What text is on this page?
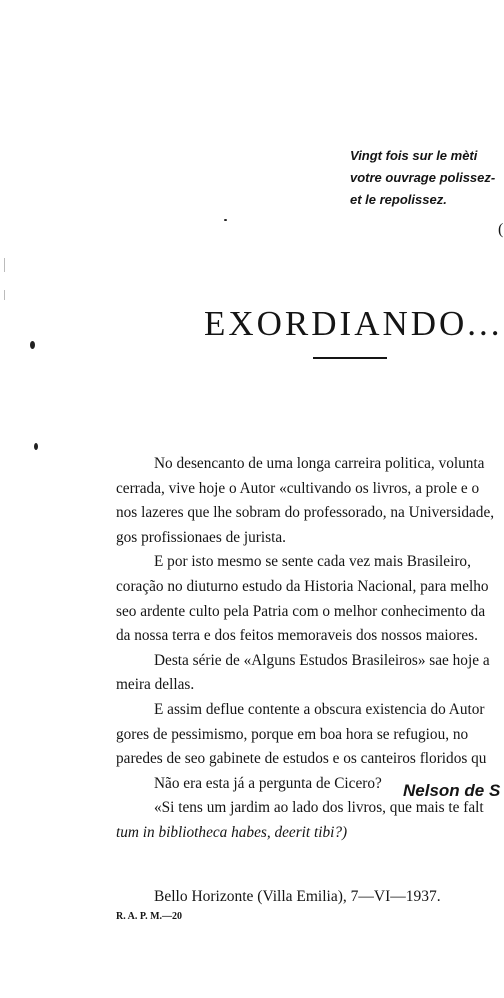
Vingt fois sur le mèti
votre ouvrage polissez-
et le repolissez.
(
EXORDIANDO...

No desencanto de uma longa carreira politica, volunta
cerrada, vive hoje o Autor «cultivando os livros, a prole e o
nos lazeres que lhe sobram do professorado, na Universidade,
gos profissionaes de jurista.

E por isto mesmo se sente cada vez mais Brasileiro,
coração no diuturno estudo da Historia Nacional, para melho
seo ardente culto pela Patria com o melhor conhecimento da
da nossa terra e dos feitos memoraveis dos nossos maiores.

Desta série de «Alguns Estudos Brasileiros» sae hoje a
meira dellas.

E assim deflue contente a obscura existencia do Autor
gores de pessimismo, porque em boa hora se refugiou, no
paredes de seo gabinete de estudos e os canteiros floridos qu

Não era esta já a pergunta de Cicero?

«Si tens um jardim ao lado dos livros, que mais te falt
tum in bibliotheca habes, deerit tibi?)

Nelson de S
Bello Horizonte (Villa Emilia), 7—VI—1937.
R. A. P. M.—20
